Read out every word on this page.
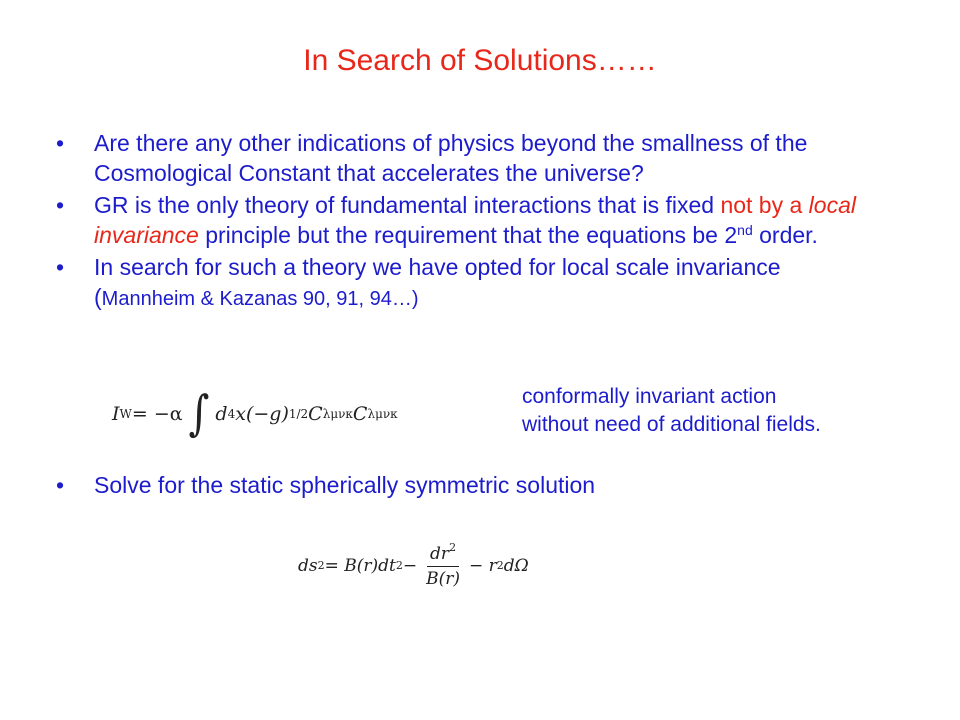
In Search of Solutions……
• Are there any other indications of physics beyond the smallness of the Cosmological Constant that accelerates the universe?
• GR is the only theory of fundamental interactions that is fixed not by a local invariance principle but the requirement that the equations be 2nd order.
• In search for such a theory we have opted for local scale invariance
(Mannheim & Kazanas 90, 91, 94…)
I W = −α ∫ d 4 x(−g) 1/2 C λμνκ C λμνκ
conformally invariant action
without need of additional fields.
• Solve for the static spherically symmetric solution
ds 2 = B(r)dt $2 - \frac{dr^2}{B(r)} - r$ 2 dΩ
